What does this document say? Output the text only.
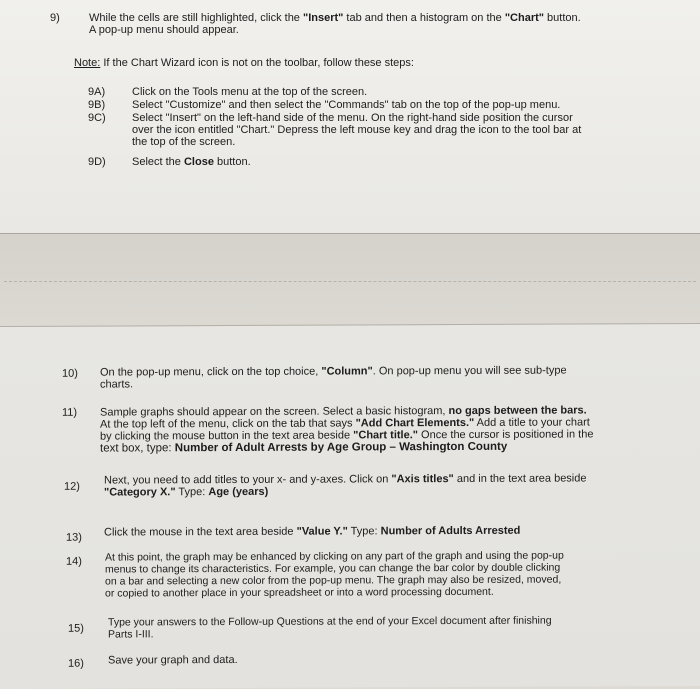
9)	While the cells are still highlighted, click the "Insert" tab and then a histogram on the "Chart" button.
A pop-up menu should appear.
Note: If the Chart Wizard icon is not on the toolbar, follow these steps:
9A) Click on the Tools menu at the top of the screen.
9B) Select "Customize" and then select the "Commands" tab on the top of the pop-up menu.
9C) Select "Insert" on the left-hand side of the menu. On the right-hand side position the cursor
over the icon entitled "Chart." Depress the left mouse key and drag the icon to the tool bar at
the top of the screen.
9D) Select the Close button.
10) On the pop-up menu, click on the top choice, "Column". On pop-up menu you will see sub-type
charts.
11) Sample graphs should appear on the screen. Select a basic histogram, no gaps between the bars.
At the top left of the menu, click on the tab that says "Add Chart Elements." Add a title to your chart
by clicking the mouse button in the text area beside "Chart title." Once the cursor is positioned in the
text box, type: Number of Adult Arrests by Age Group – Washington County
12)
Next, you need to add titles to your x- and y-axes. Click on "Axis titles" and in the text area beside
"Category X." Type: Age (years)
13) Click the mouse in the text area beside "Value Y." Type: Number of Adults Arrested
14) At this point, the graph may be enhanced by clicking on any part of the graph and using the pop-up
menus to change its characteristics. For example, you can change the bar color by double clicking
on a bar and selecting a new color from the pop-up menu. The graph may also be resized, moved,
or copied to another place in your spreadsheet or into a word processing document.
15)
Type your answers to the Follow-up Questions at the end of your Excel document after finishing
Parts I-III.
16) Save your graph and data.
